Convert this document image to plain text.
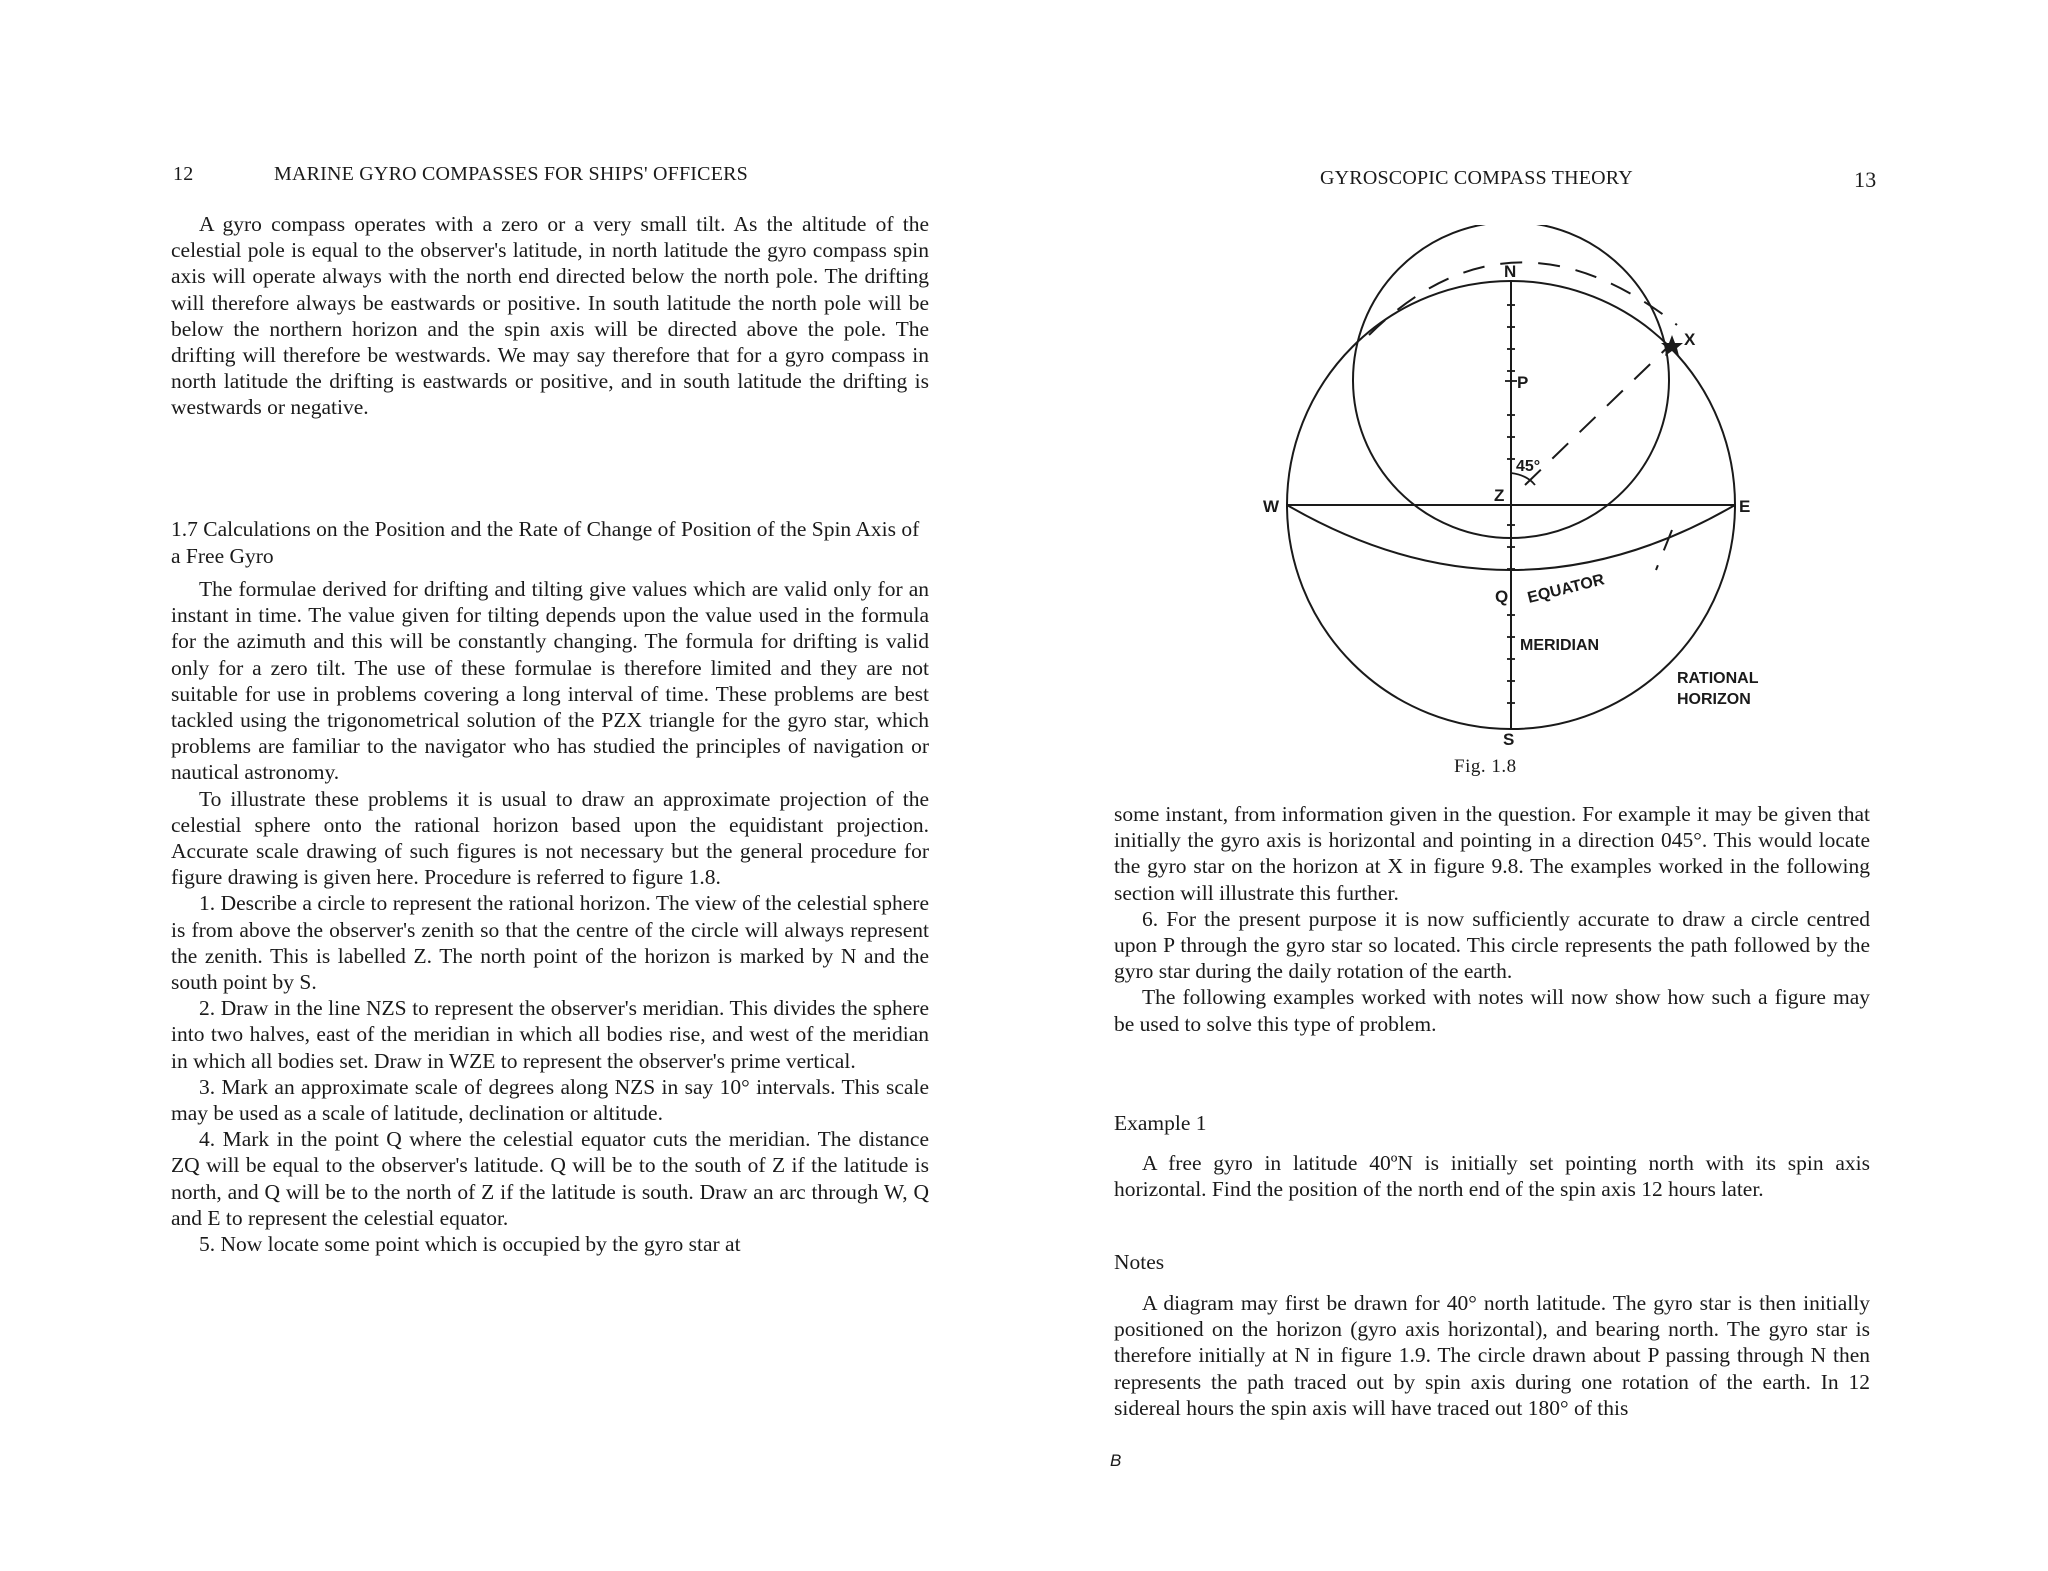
12	MARINE GYRO COMPASSES FOR SHIPS' OFFICERS

A gyro compass operates with a zero or a very small tilt. As the altitude of the celestial pole is equal to the observer's latitude, in north latitude the gyro compass spin axis will operate always with the north end directed below the north pole. The drifting will therefore always be eastwards or positive. In south latitude the north pole will be below the northern horizon and the spin axis will be directed above the pole. The drifting will therefore be westwards. We may say therefore that for a gyro compass in north latitude the drifting is eastwards or positive, and in south latitude the drifting is westwards or negative.

1.7 Calculations on the Position and the Rate of Change of Position of the Spin Axis of a Free Gyro

The formulae derived for drifting and tilting give values which are valid only for an instant in time. The value given for tilting depends upon the value used in the formula for the azimuth and this will be constantly changing. The formula for drifting is valid only for a zero tilt. The use of these formulae is therefore limited and they are not suitable for use in problems covering a long interval of time. These problems are best tackled using the trigonometrical solution of the PZX triangle for the gyro star, which problems are familiar to the navigator who has studied the principles of navigation or nautical astronomy.

To illustrate these problems it is usual to draw an approximate projection of the celestial sphere onto the rational horizon based upon the equidistant projection. Accurate scale drawing of such figures is not necessary but the general procedure for figure drawing is given here. Procedure is referred to figure 1.8.

1. Describe a circle to represent the rational horizon. The view of the celestial sphere is from above the observer's zenith so that the centre of the circle will always represent the zenith. This is labelled Z. The north point of the horizon is marked by N and the south point by S.

2. Draw in the line NZS to represent the observer's meridian. This divides the sphere into two halves, east of the meridian in which all bodies rise, and west of the meridian in which all bodies set. Draw in WZE to represent the observer's prime vertical.

3. Mark an approximate scale of degrees along NZS in say 10° intervals. This scale may be used as a scale of latitude, declination or altitude.

4. Mark in the point Q where the celestial equator cuts the meridian. The distance ZQ will be equal to the observer's latitude. Q will be to the south of Z if the latitude is north, and Q will be to the north of Z if the latitude is south. Draw an arc through W, Q and E to represent the celestial equator.

5. Now locate some point which is occupied by the gyro star at

GYROSCOPIC COMPASS THEORY	13
N
P
X
W
Z
E
Q
S
45°
EQUATOR
MERIDIAN
RATIONAL
HORIZON
Fig. 1.8

some instant, from information given in the question. For example it may be given that initially the gyro axis is horizontal and pointing in a direction 045°. This would locate the gyro star on the horizon at X in figure 9.8. The examples worked in the following section will illustrate this further.

6. For the present purpose it is now sufficiently accurate to draw a circle centred upon P through the gyro star so located. This circle represents the path followed by the gyro star during the daily rotation of the earth.

The following examples worked with notes will now show how such a figure may be used to solve this type of problem.

Example 1

A free gyro in latitude 40ºN is initially set pointing north with its spin axis horizontal. Find the position of the north end of the spin axis 12 hours later.

Notes

A diagram may first be drawn for 40° north latitude. The gyro star is then initially positioned on the horizon (gyro axis horizontal), and bearing north. The gyro star is therefore initially at N in figure 1.9. The circle drawn about P passing through N then represents the path traced out by spin axis during one rotation of the earth. In 12 sidereal hours the spin axis will have traced out 180° of this

B
